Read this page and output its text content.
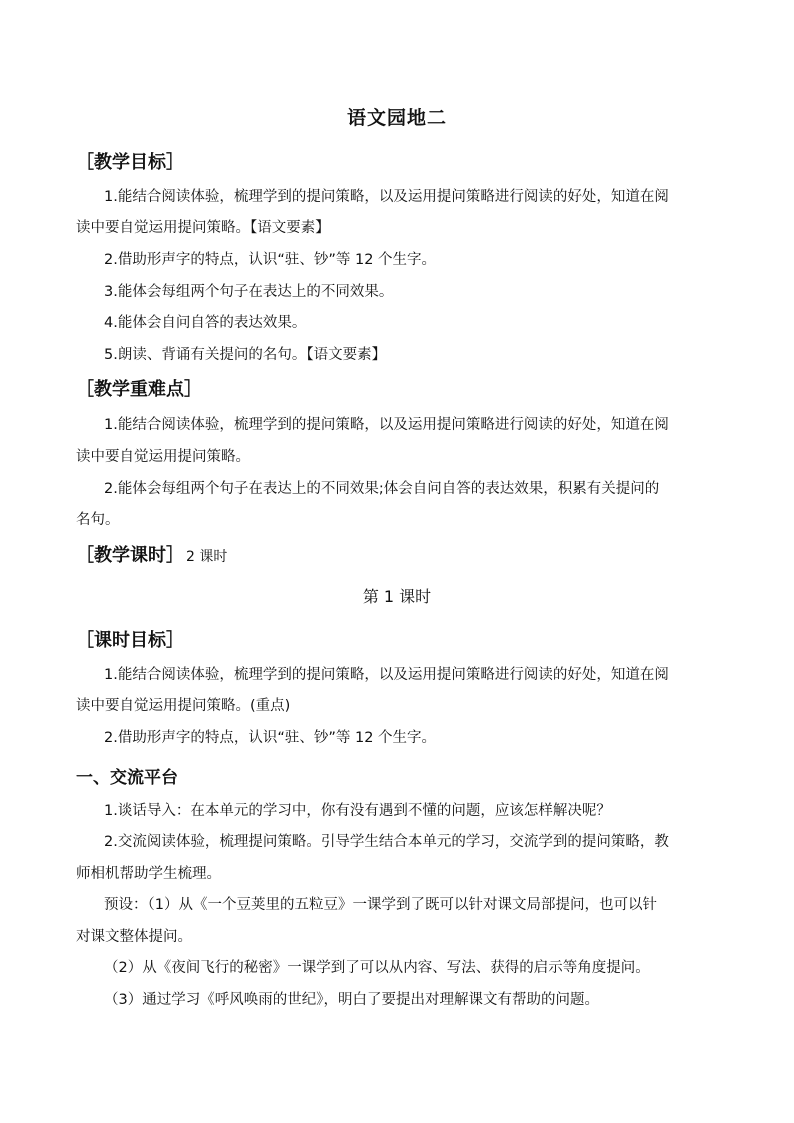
语文园地二
［教学目标］
1.能结合阅读体验，梳理学到的提问策略，以及运用提问策略进行阅读的好处，知道在阅
读中要自觉运用提问策略。【语文要素】
2.借助形声字的特点，认识“驻、钞”等 12 个生字。
3.能体会每组两个句子在表达上的不同效果。
4.能体会自问自答的表达效果。
5.朗读、背诵有关提问的名句。【语文要素】
［教学重难点］
1.能结合阅读体验，梳理学到的提问策略，以及运用提问策略进行阅读的好处，知道在阅
读中要自觉运用提问策略。
2.能体会每组两个句子在表达上的不同效果;体会自问自答的表达效果，积累有关提问的
名句。
［教学课时］ 2 课时
第 1 课时
［课时目标］
1.能结合阅读体验，梳理学到的提问策略，以及运用提问策略进行阅读的好处，知道在阅
读中要自觉运用提问策略。(重点)
2.借助形声字的特点，认识“驻、钞”等 12 个生字。
一、交流平台
1.谈话导入：在本单元的学习中，你有没有遇到不懂的问题，应该怎样解决呢？
2.交流阅读体验，梳理提问策略。引导学生结合本单元的学习，交流学到的提问策略，教
师相机帮助学生梳理。
预设：（1）从《一个豆荚里的五粒豆》一课学到了既可以针对课文局部提问，也可以针
对课文整体提问。
（2）从《夜间飞行的秘密》一课学到了可以从内容、写法、获得的启示等角度提问。
（3）通过学习《呼风唤雨的世纪》，明白了要提出对理解课文有帮助的问题。
